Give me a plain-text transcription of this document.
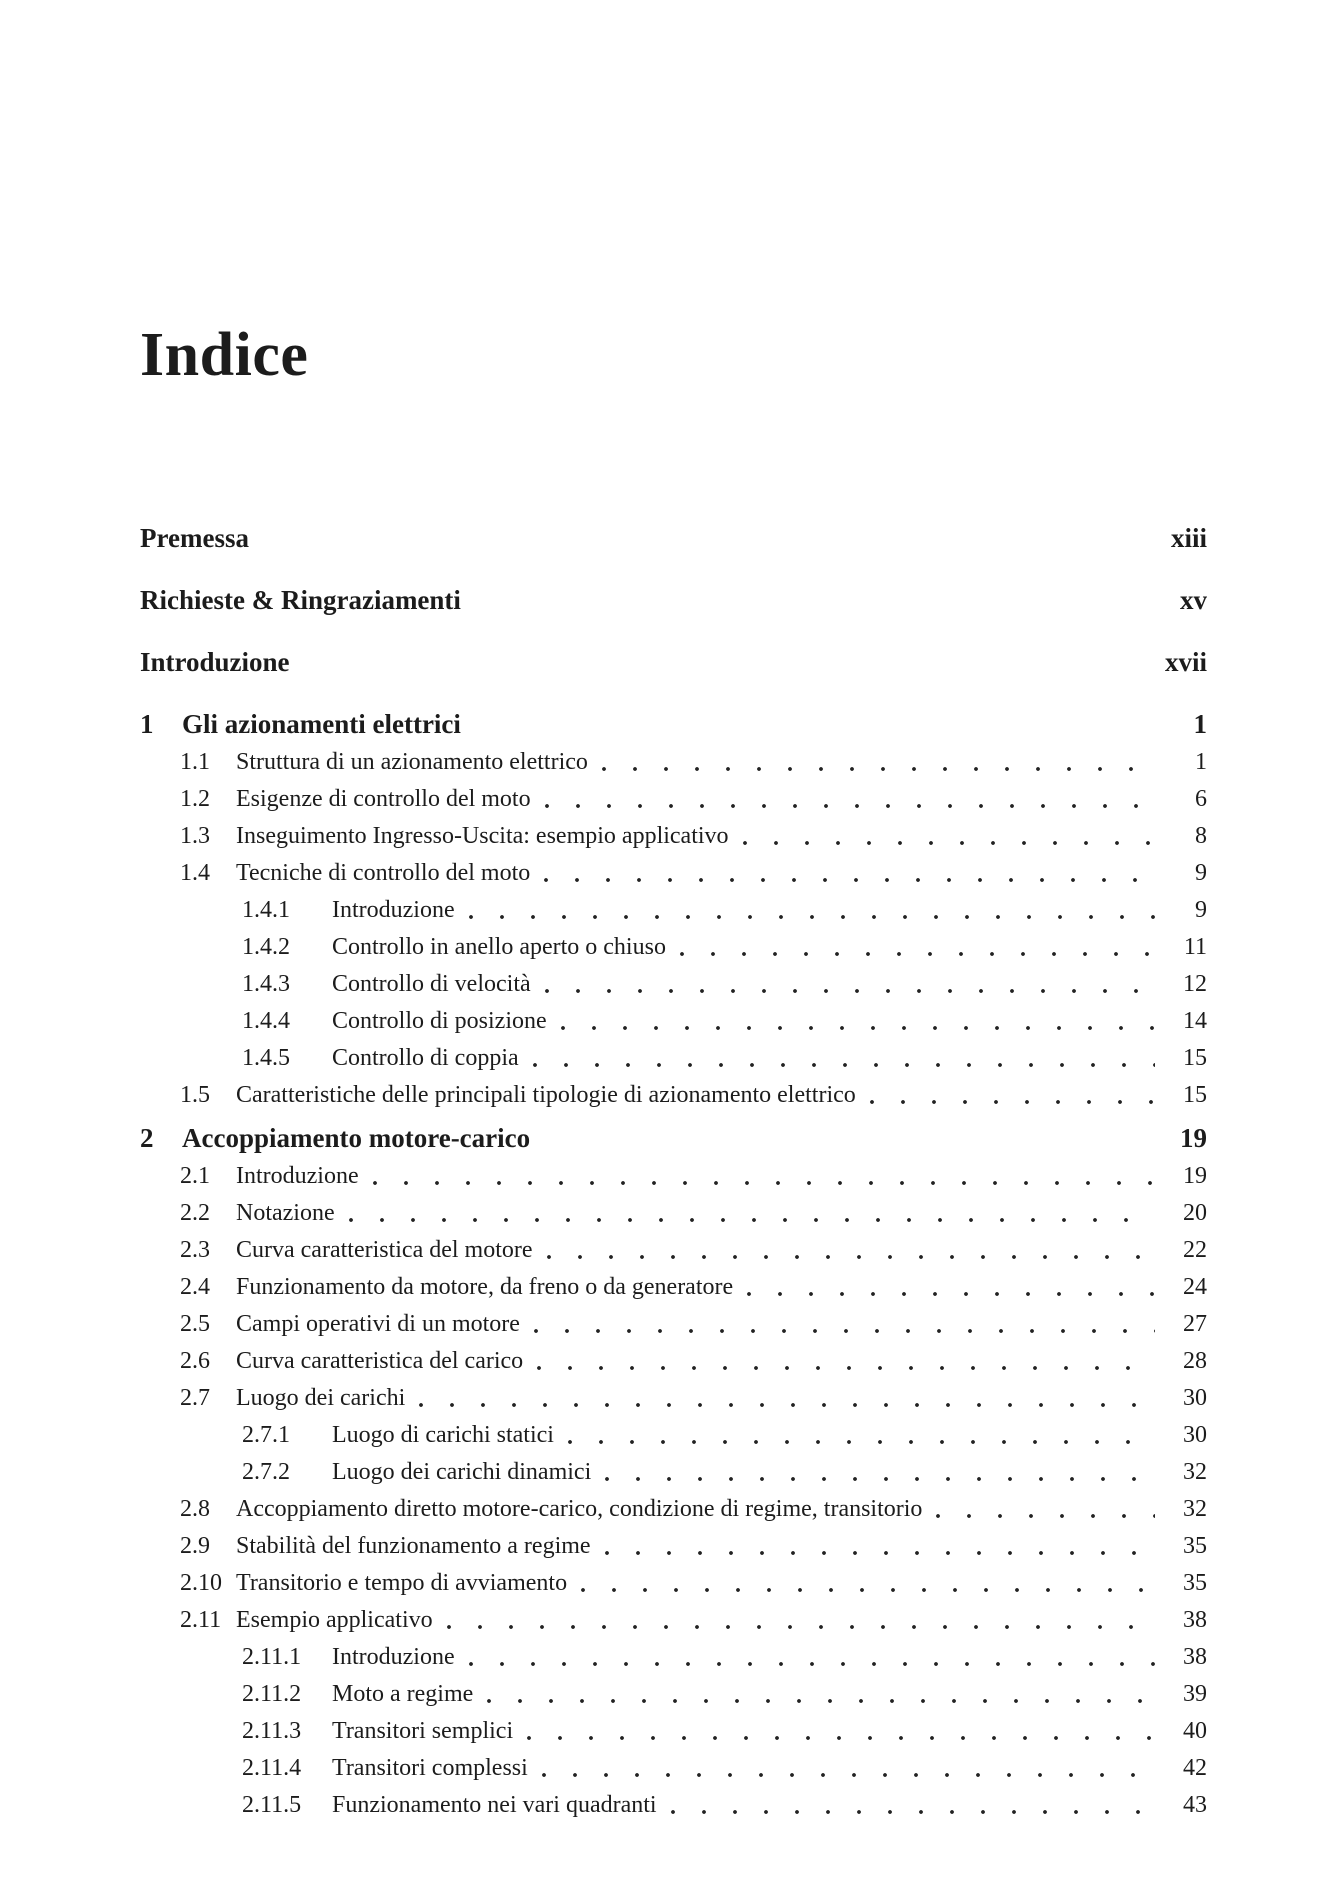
Indice
Premessa	xiii
Richieste & Ringraziamenti	xv
Introduzione	xvii
1	Gli azionamenti elettrici	1
1.1	Struttura di un azionamento elettrico	1
1.2	Esigenze di controllo del moto	6
1.3	Inseguimento Ingresso-Uscita: esempio applicativo	8
1.4	Tecniche di controllo del moto	9
1.4.1	Introduzione	9
1.4.2	Controllo in anello aperto o chiuso	11
1.4.3	Controllo di velocità	12
1.4.4	Controllo di posizione	14
1.4.5	Controllo di coppia	15
1.5	Caratteristiche delle principali tipologie di azionamento elettrico	15
2	Accoppiamento motore-carico	19
2.1	Introduzione	19
2.2	Notazione	20
2.3	Curva caratteristica del motore	22
2.4	Funzionamento da motore, da freno o da generatore	24
2.5	Campi operativi di un motore	27
2.6	Curva caratteristica del carico	28
2.7	Luogo dei carichi	30
2.7.1	Luogo di carichi statici	30
2.7.2	Luogo dei carichi dinamici	32
2.8	Accoppiamento diretto motore-carico, condizione di regime, transitorio	32
2.9	Stabilità del funzionamento a regime	35
2.10 Transitorio e tempo di avviamento	35
2.11 Esempio applicativo	38
2.11.1	Introduzione	38
2.11.2	Moto a regime	39
2.11.3	Transitori semplici	40
2.11.4	Transitori complessi	42
2.11.5	Funzionamento nei vari quadranti	43
